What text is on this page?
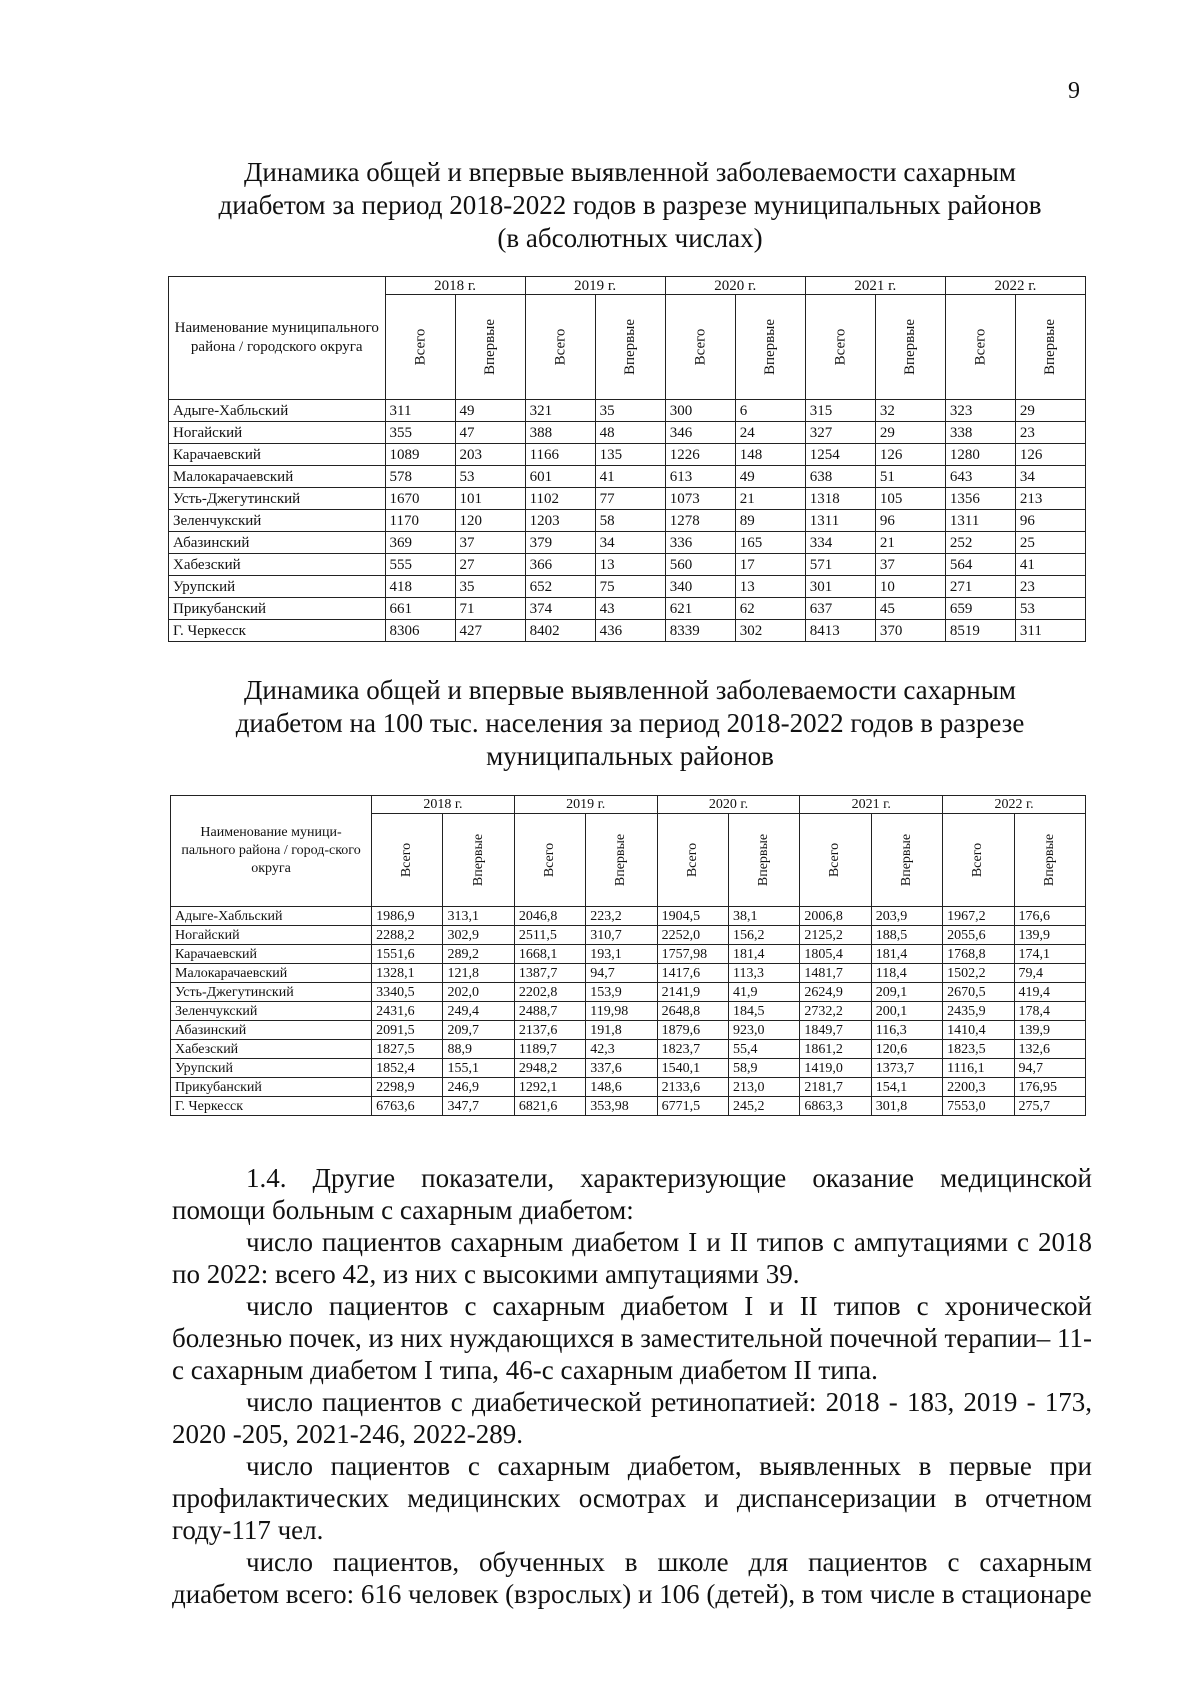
9
Динамика общей и впервые выявленной заболеваемости сахарным
диабетом за период 2018-2022 годов в разрезе муниципальных районов
(в абсолютных числах)
Наименование муниципального района / городского округа	2018 г.		2019 г.		2020 г.		2021 г.		2022 г.	
	Всего	Впервые	Всего	Впервые	Всего	Впервые	Всего	Впервые	Всего	Впервые
Адыге-Хабльский	311	49	321	35	300	6	315	32	323	29
Ногайский	355	47	388	48	346	24	327	29	338	23
Карачаевский	1089	203	1166	135	1226	148	1254	126	1280	126
Малокарачаевский	578	53	601	41	613	49	638	51	643	34
Усть-Джегутинский	1670	101	1102	77	1073	21	1318	105	1356	213
Зеленчукский	1170	120	1203	58	1278	89	1311	96	1311	96
Абазинский	369	37	379	34	336	165	334	21	252	25
Хабезский	555	27	366	13	560	17	571	37	564	41
Урупский	418	35	652	75	340	13	301	10	271	23
Прикубанский	661	71	374	43	621	62	637	45	659	53
Г. Черкесск	8306	427	8402	436	8339	302	8413	370	8519	311
Динамика общей и впервые выявленной заболеваемости сахарным
диабетом на 100 тыс. населения за период 2018-2022 годов в разрезе
муниципальных районов
Наименование муници-пального района / город-ского округа	2018 г.		2019 г.		2020 г.		2021 г.		2022 г.	
	Всего	Впервые	Всего	Впервые	Всего	Впервые	Всего	Впервые	Всего	Впервые
Адыге-Хабльский	1986,9	313,1	2046,8	223,2	1904,5	38,1	2006,8	203,9	1967,2	176,6
Ногайский	2288,2	302,9	2511,5	310,7	2252,0	156,2	2125,2	188,5	2055,6	139,9
Карачаевский	1551,6	289,2	1668,1	193,1	1757,98	181,4	1805,4	181,4	1768,8	174,1
Малокарачаевский	1328,1	121,8	1387,7	94,7	1417,6	113,3	1481,7	118,4	1502,2	79,4
Усть-Джегутинский	3340,5	202,0	2202,8	153,9	2141,9	41,9	2624,9	209,1	2670,5	419,4
Зеленчукский	2431,6	249,4	2488,7	119,98	2648,8	184,5	2732,2	200,1	2435,9	178,4
Абазинский	2091,5	209,7	2137,6	191,8	1879,6	923,0	1849,7	116,3	1410,4	139,9
Хабезский	1827,5	88,9	1189,7	42,3	1823,7	55,4	1861,2	120,6	1823,5	132,6
Урупский	1852,4	155,1	2948,2	337,6	1540,1	58,9	1419,0	1373,7	1116,1	94,7
Прикубанский	2298,9	246,9	1292,1	148,6	2133,6	213,0	2181,7	154,1	2200,3	176,95
Г. Черкесск	6763,6	347,7	6821,6	353,98	6771,5	245,2	6863,3	301,8	7553,0	275,7

1.4. Другие показатели, характеризующие оказание медицинской помощи больным с сахарным диабетом:

число пациентов сахарным диабетом I и II типов с ампутациями с 2018 по 2022: всего 42, из них с высокими ампутациями 39.

число пациентов с сахарным диабетом I и II типов с хронической болезнью почек, из них нуждающихся в заместительной почечной терапии– 11- с сахарным диабетом I типа, 46-с сахарным диабетом II типа.

число пациентов с диабетической ретинопатией: 2018 - 183, 2019 - 173, 2020 -205, 2021-246, 2022-289.

число пациентов с сахарным диабетом, выявленных в первые при профилактических медицинских осмотрах и диспансеризации в отчетном году-117 чел.

число пациентов, обученных в школе для пациентов с сахарным диабетом всего: 616 человек (взрослых) и 106 (детей), в том числе в стационаре
